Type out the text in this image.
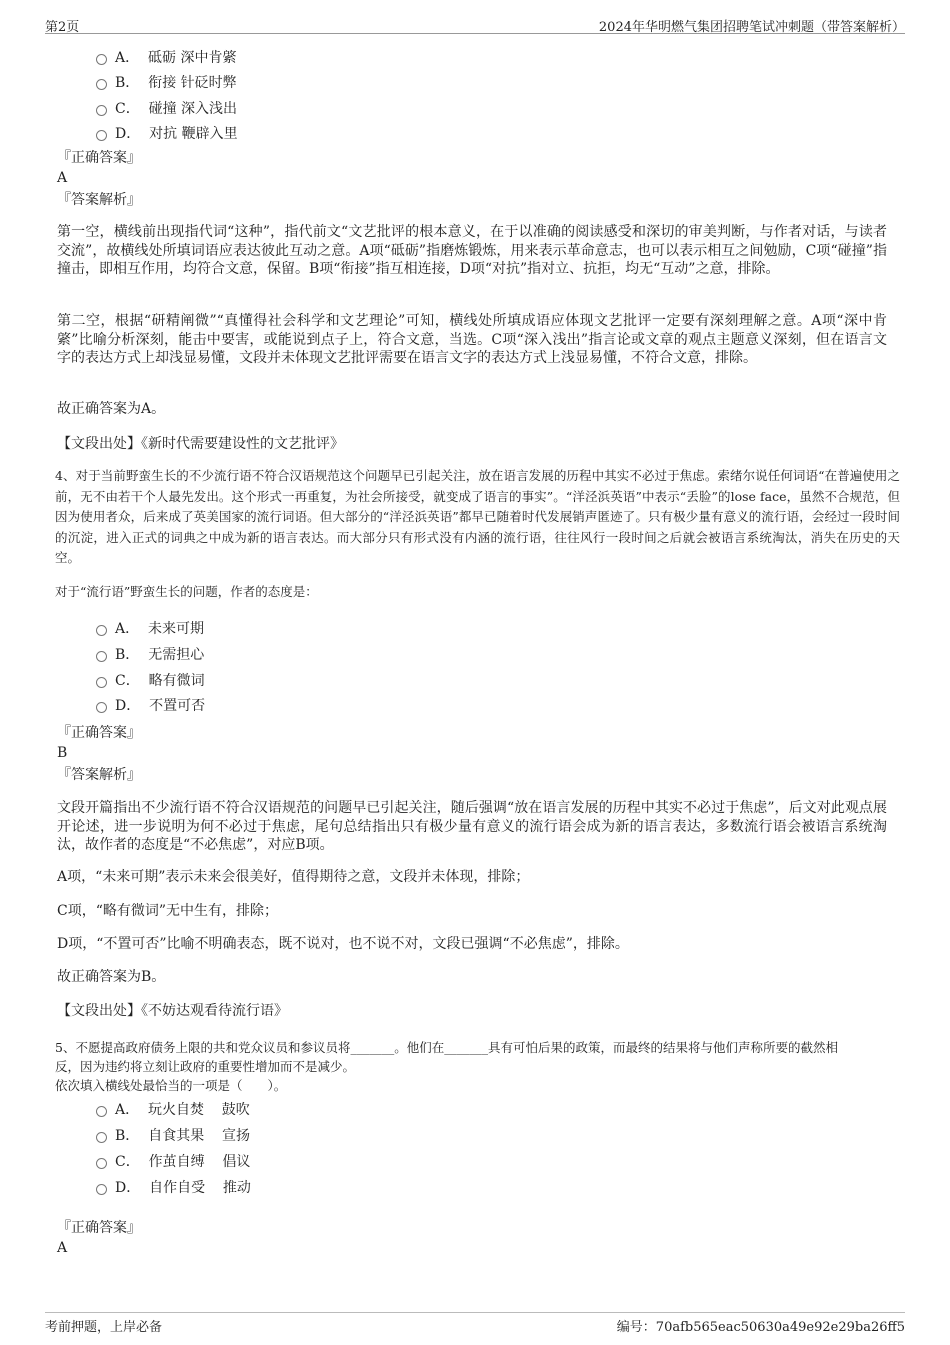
第2页	2024年华明燃气集团招聘笔试冲刺题（带答案解析）
A．  砥砺 深中肯綮
B．  衔接 针砭时弊
C．  碰撞 深入浅出
D．  对抗 鞭辟入里
『正确答案』
A
『答案解析』
第一空，横线前出现指代词“这种”，指代前文“文艺批评的根本意义，在于以准确的阅读感受和深切的审美判断，与作者对话，与读者交流”，故横线处所填词语应表达彼此互动之意。A项“砥砺”指磨炼锻炼，用来表示革命意志，也可以表示相互之间勉励，C项“碰撞”指撞击，即相互作用，均符合文意，保留。B项“衔接”指互相连接，D项“对抗”指对立、抗拒，均无“互动”之意，排除。
第二空，根据“研精阐微”“真懂得社会科学和文艺理论”可知，横线处所填成语应体现文艺批评一定要有深刻理解之意。A项“深中肯綮”比喻分析深刻，能击中要害，或能说到点子上，符合文意，当选。C项“深入浅出”指言论或文章的观点主题意义深刻，但在语言文字的表达方式上却浅显易懂，文段并未体现文艺批评需要在语言文字的表达方式上浅显易懂，不符合文意，排除。
故正确答案为A。
【文段出处】《新时代需要建设性的文艺批评》
4、对于当前野蛮生长的不少流行语不符合汉语规范这个问题早已引起关注，放在语言发展的历程中其实不必过于焦虑。索绪尔说任何词语“在普遍使用之前，无不由若干个人最先发出。这个形式一再重复，为社会所接受，就变成了语言的事实”。“洋泾浜英语”中表示“丢脸”的lose face，虽然不合规范，但因为使用者众，后来成了英美国家的流行词语。但大部分的“洋泾浜英语”都早已随着时代发展销声匿迹了。只有极少量有意义的流行语，会经过一段时间的沉淀，进入正式的词典之中成为新的语言表达。而大部分只有形式没有内涵的流行语，往往风行一段时间之后就会被语言系统淘汰，消失在历史的天空。
对于“流行语”野蛮生长的问题，作者的态度是：
A．  未来可期
B．  无需担心
C．  略有微词
D．  不置可否
『正确答案』
B
『答案解析』
文段开篇指出不少流行语不符合汉语规范的问题早已引起关注，随后强调“放在语言发展的历程中其实不必过于焦虑”，后文对此观点展开论述，进一步说明为何不必过于焦虑，尾句总结指出只有极少量有意义的流行语会成为新的语言表达，多数流行语会被语言系统淘汰，故作者的态度是“不必焦虑”，对应B项。
A项，“未来可期”表示未来会很美好，值得期待之意，文段并未体现，排除；
C项，“略有微词”无中生有，排除；
D项，“不置可否”比喻不明确表态，既不说对，也不说不对，文段已强调“不必焦虑”，排除。
故正确答案为B。
【文段出处】《不妨达观看待流行语》
5、不愿提高政府债务上限的共和党众议员和参议员将_______。他们在_______具有可怕后果的政策，而最终的结果将与他们声称所要的截然相
反，因为违约将立刻让政府的重要性增加而不是减少。
依次填入横线处最恰当的一项是（　　）。
A．  玩火自焚    鼓吹
B．  自食其果    宣扬
C．  作茧自缚    倡议
D．  自作自受    推动
『正确答案』
A
考前押题，上岸必备	编号：70afb565eac50630a49e92e29ba26ff5
